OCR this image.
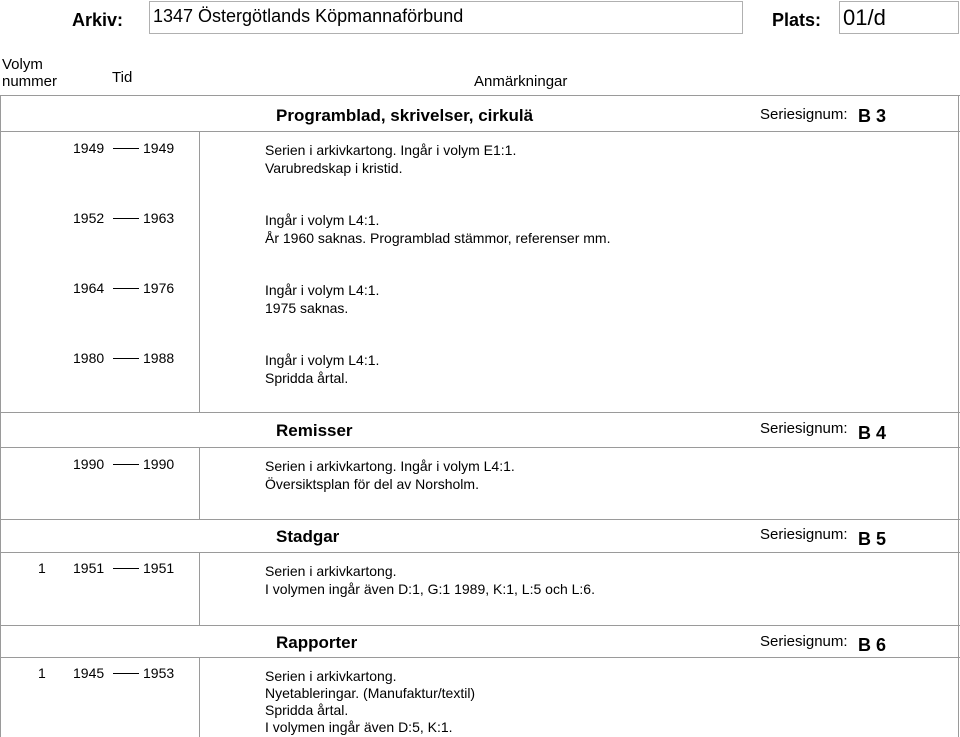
Arkiv: 1347 Östergötlands Köpmannaförbund	Plats: 01/d
Volym
nummer	Tid	Anmärkningar
Programblad, skrivelser, cirkulä	Seriesignum: B 3
1949	1949	Serien i arkivkartong. Ingår i volym E1:1.
Varubredskap i kristid.
1952	1963	Ingår i volym L4:1.
År 1960 saknas. Programblad stämmor, referenser mm.
1964	1976	Ingår i volym L4:1.
1975 saknas.
1980	1988	Ingår i volym L4:1.
Spridda årtal.
Remisser	Seriesignum: B 4
1990	1990	Serien i arkivkartong. Ingår i volym L4:1.
Översiktsplan för del av Norsholm.
Stadgar	Seriesignum: B 5
1 1951	1951	Serien i arkivkartong.
I volymen ingår även D:1, G:1 1989, K:1, L:5 och L:6.
Rapporter	Seriesignum: B 6
1 1945	1953	Serien i arkivkartong.
Nyetableringar. (Manufaktur/textil)
Spridda årtal.
I volymen ingår även D:5, K:1.
